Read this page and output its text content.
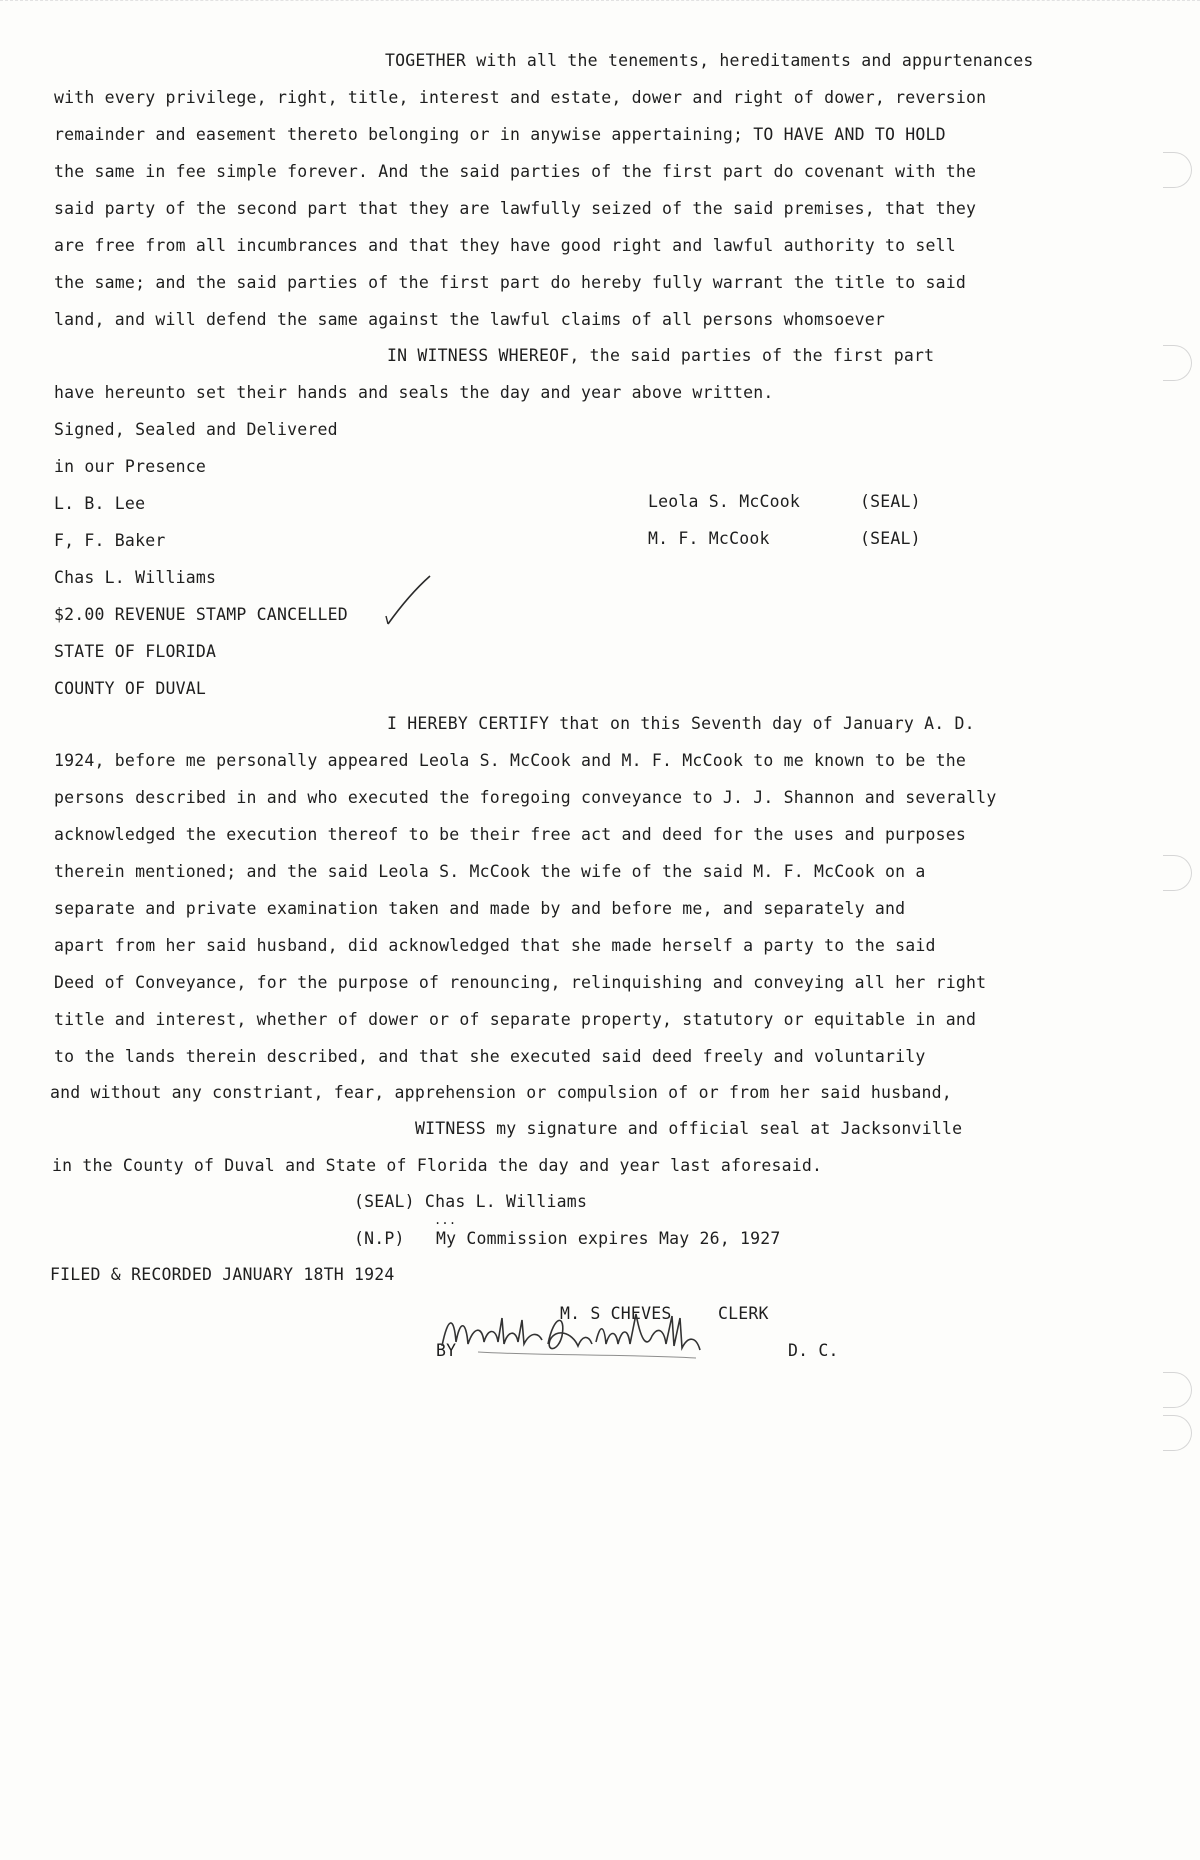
TOGETHER with all the tenements, hereditaments and appurtenances
with every privilege, right, title, interest and estate, dower and right of dower, reversion
remainder and easement thereto belonging or in anywise appertaining; TO HAVE AND TO HOLD
the same in fee simple forever. And the said parties of the first part do covenant with the
said party of the second part that they are lawfully seized of the said premises, that they
are free from all incumbrances and that they have good right and lawful authority to sell
the same; and the said parties of the first part do hereby fully warrant the title to said
land, and will defend the same against the lawful claims of all persons whomsoever
IN WITNESS WHEREOF, the said parties of the first part
have hereunto set their hands and seals the day and year above written.
Signed, Sealed and Delivered
in our Presence
L. B. Lee
F, F. Baker
Chas L. Williams
Leola S. McCook	(SEAL)
M. F. McCook	(SEAL)
$2.00 REVENUE STAMP CANCELLED
STATE OF FLORIDA
COUNTY OF DUVAL
I HEREBY CERTIFY that on this Seventh day of January A. D.
1924, before me personally appeared Leola S. McCook and M. F. McCook to me known to be the
persons described in and who executed the foregoing conveyance to J. J. Shannon and severally
acknowledged the execution thereof to be their free act and deed for the uses and purposes
therein mentioned; and the said Leola S. McCook the wife of the said M. F. McCook on a
separate and private examination taken and made by and before me, and separately and
apart from her said husband, did acknowledged that she made herself a party to the said
Deed of Conveyance, for the purpose of renouncing, relinquishing and conveying all her right
title and interest, whether of dower or of separate property, statutory or equitable in and
to the lands therein described, and that she executed said deed freely and voluntarily
and without any constriant, fear, apprehension or compulsion of or from her said husband,
WITNESS my signature and official seal at Jacksonville
in the County of Duval and State of Florida the day and year last aforesaid.
(SEAL) Chas L. Williams
...
(N.P) My Commission expires May 26, 1927
FILED & RECORDED JANUARY 18TH 1924
M. S CHEVES	CLERK
BY	D. C.
